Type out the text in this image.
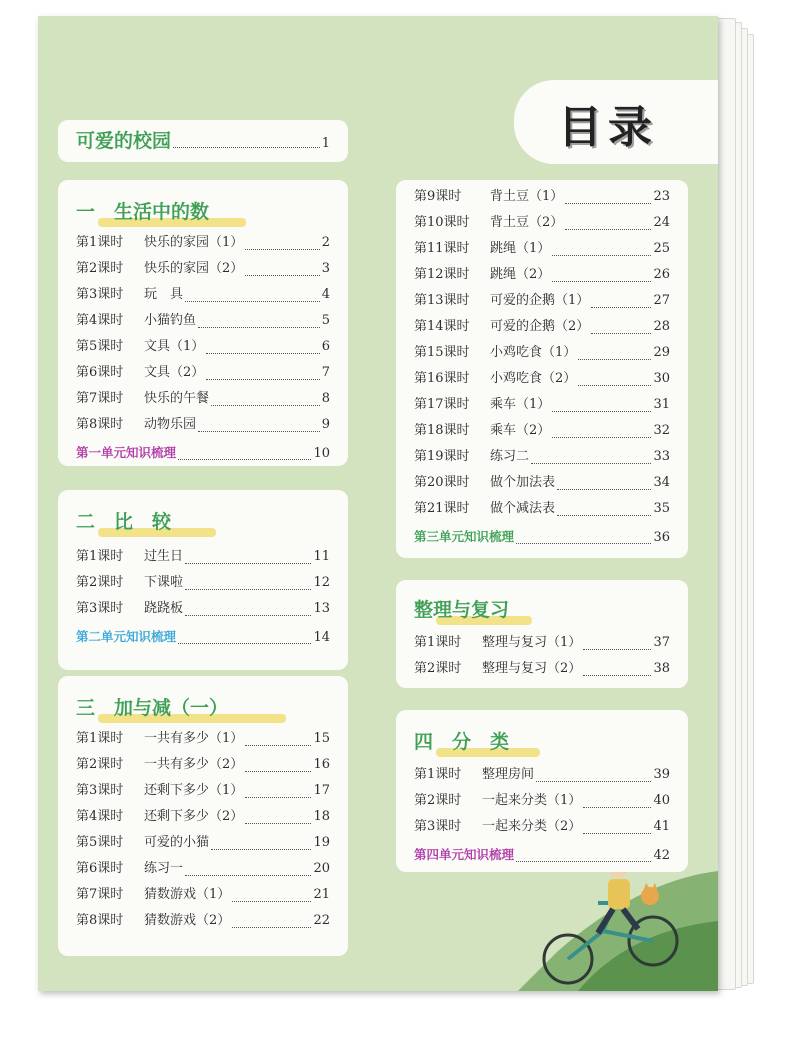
目录
可爱的校园	1
一　生活中的数
第1课时	快乐的家园（1）	2
第2课时	快乐的家园（2）	3
第3课时	玩　具	4
第4课时	小猫钓鱼	5
第5课时	文具（1）	6
第6课时	文具（2）	7
第7课时	快乐的午餐	8
第8课时	动物乐园	9
第一单元知识梳理	10
二　比　较
第1课时	过生日	11
第2课时	下课啦	12
第3课时	跷跷板	13
第二单元知识梳理	14
三　加与减（一）
第1课时	一共有多少（1）	15
第2课时	一共有多少（2）	16
第3课时	还剩下多少（1）	17
第4课时	还剩下多少（2）	18
第5课时	可爱的小猫	19
第6课时	练习一	20
第7课时	猜数游戏（1）	21
第8课时	猜数游戏（2）	22
第9课时	背土豆（1）	23
第10课时	背土豆（2）	24
第11课时	跳绳（1）	25
第12课时	跳绳（2）	26
第13课时	可爱的企鹅（1）	27
第14课时	可爱的企鹅（2）	28
第15课时	小鸡吃食（1）	29
第16课时	小鸡吃食（2）	30
第17课时	乘车（1）	31
第18课时	乘车（2）	32
第19课时	练习二	33
第20课时	做个加法表	34
第21课时	做个减法表	35
第三单元知识梳理	36
整理与复习
第1课时	整理与复习（1）	37
第2课时	整理与复习（2）	38
四　分　类
第1课时	整理房间	39
第2课时	一起来分类（1）	40
第3课时	一起来分类（2）	41
第四单元知识梳理	42
